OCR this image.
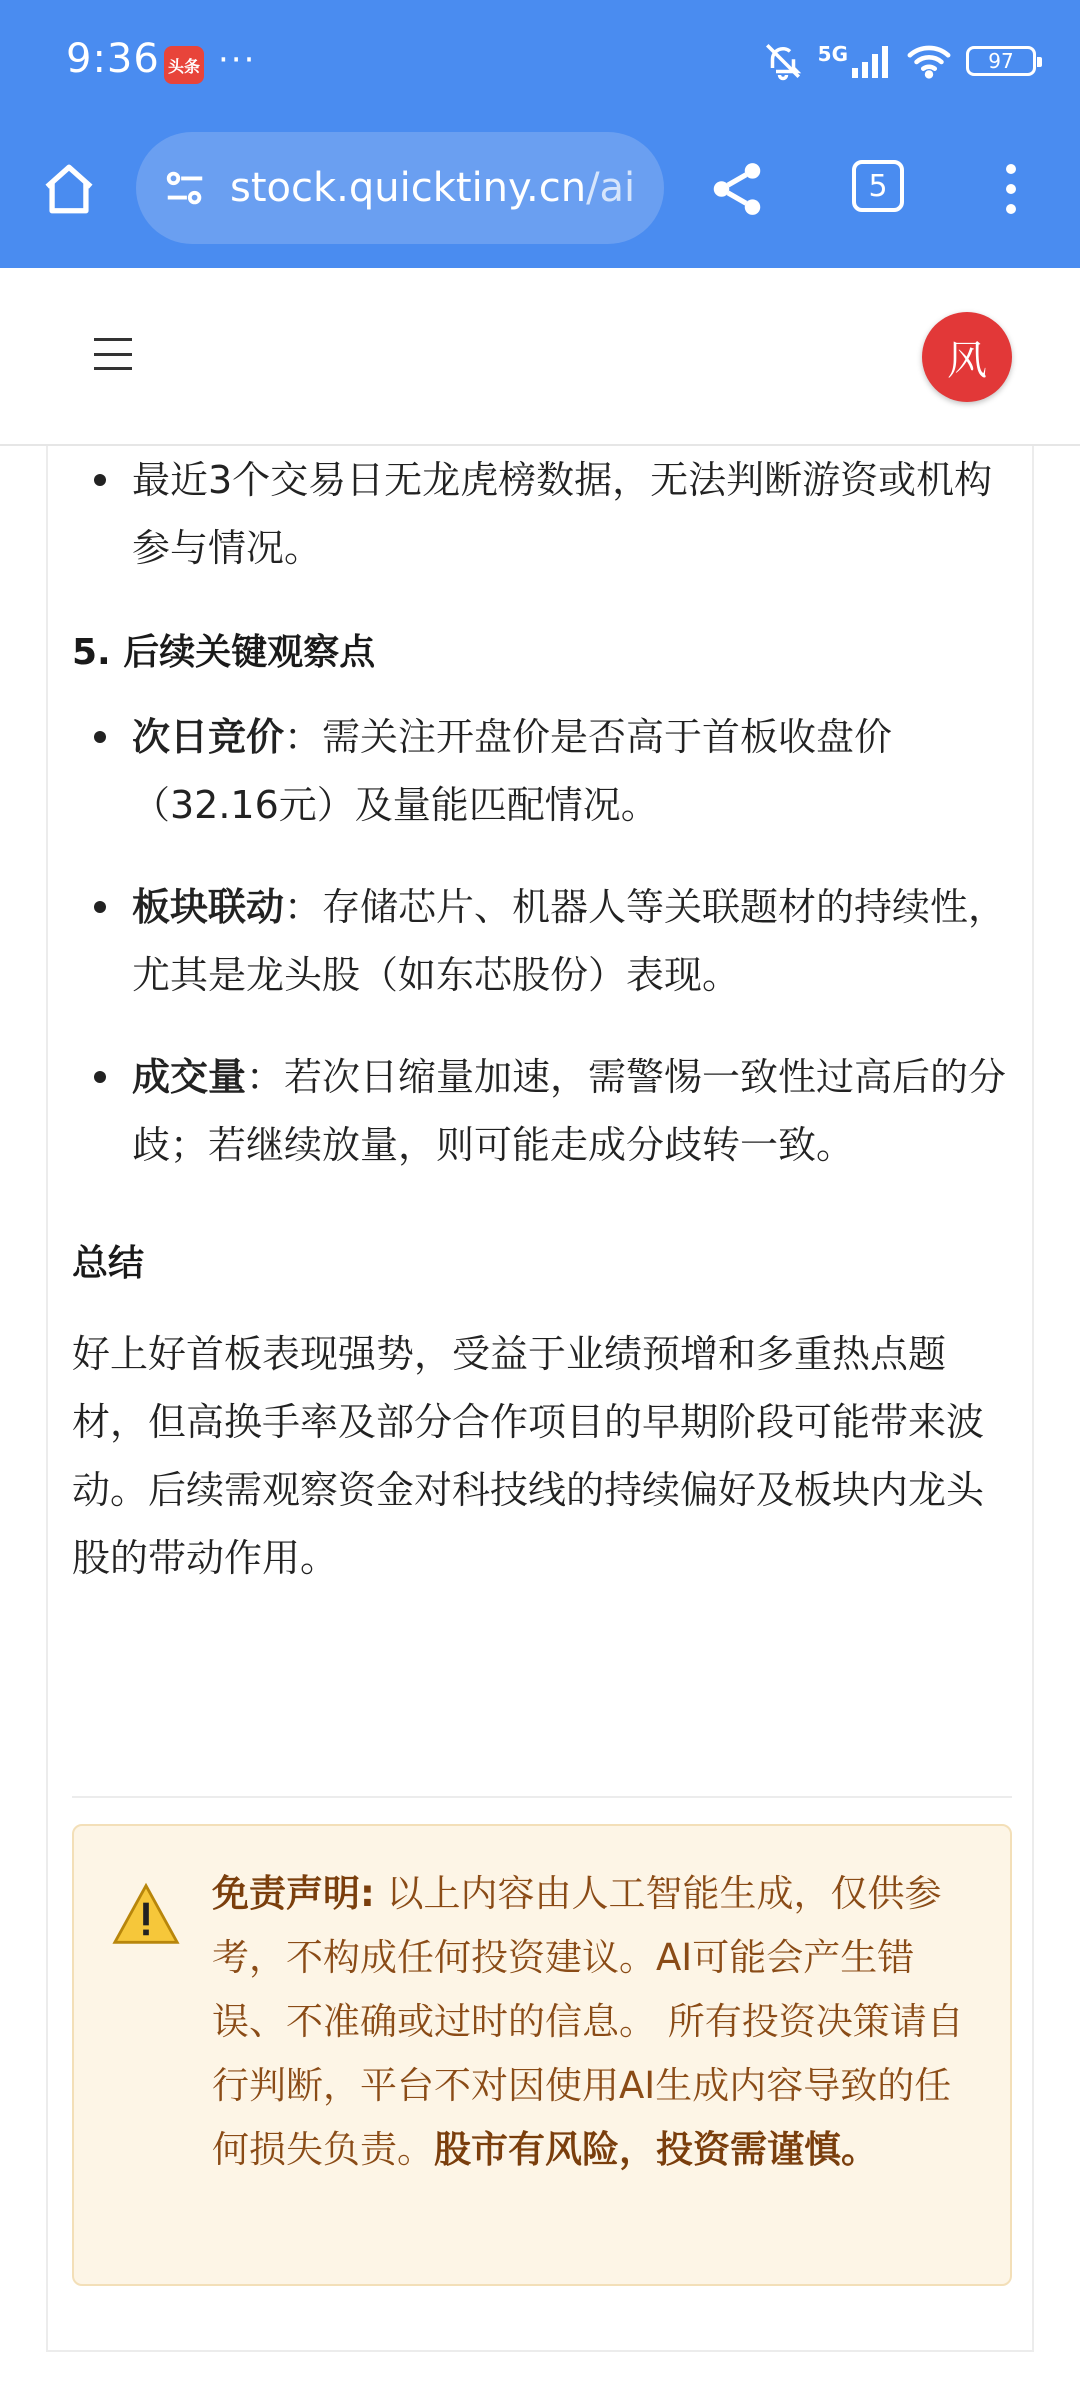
9:36 头条 ···	5G	97
stock.quicktiny.cn/ai	5
风
最近3个交易日无龙虎榜数据，无法判断游资或机构参与情况。
5. 后续关键观察点
次日竞价：需关注开盘价是否高于首板收盘价（32.16元）及量能匹配情况。
板块联动：存储芯片、机器人等关联题材的持续性，尤其是龙头股（如东芯股份）表现。
成交量：若次日缩量加速，需警惕一致性过高后的分歧；若继续放量，则可能走成分歧转一致。
总结

好上好首板表现强势，受益于业绩预增和多重热点题材，但高换手率及部分合作项目的早期阶段可能带来波动。后续需观察资金对科技线的持续偏好及板块内龙头股的带动作用。

免责声明: 以上内容由人工智能生成，仅供参考，不构成任何投资建议。AI可能会产生错误、不准确或过时的信息。 所有投资决策请自行判断，平台不对因使用AI生成内容导致的任何损失负责。股市有风险，投资需谨慎。
